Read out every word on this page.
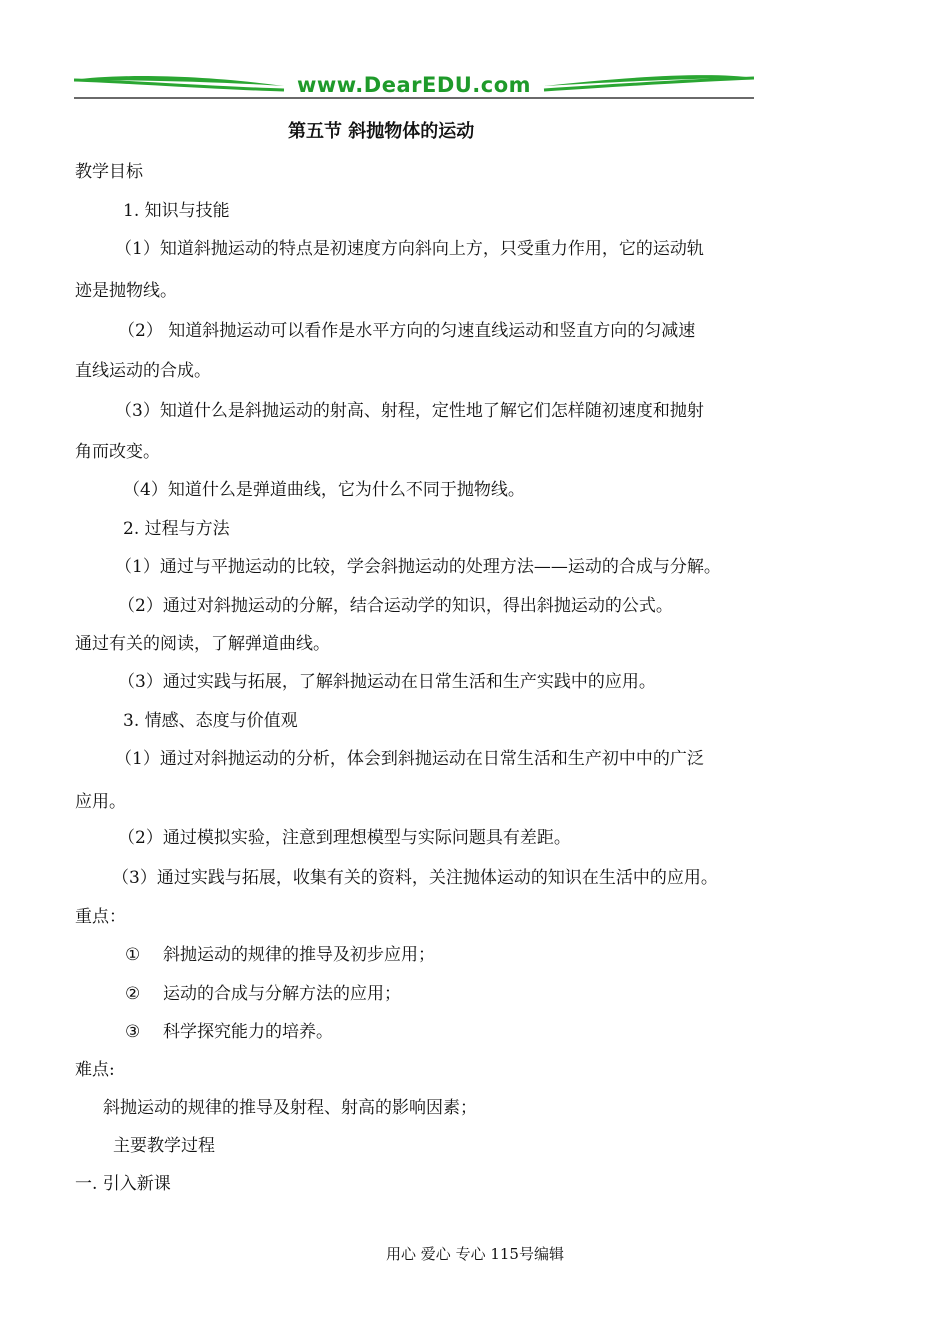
www.DearEDU.com
第五节 斜抛物体的运动
教学目标
1. 知识与技能
（1）知道斜抛运动的特点是初速度方向斜向上方，只受重力作用，它的运动轨
迹是抛物线。
（2） 知道斜抛运动可以看作是水平方向的匀速直线运动和竖直方向的匀减速
直线运动的合成。
（3）知道什么是斜抛运动的射高、射程，定性地了解它们怎样随初速度和抛射
角而改变。
（4）知道什么是弹道曲线，它为什么不同于抛物线。
2. 过程与方法
（1）通过与平抛运动的比较，学会斜抛运动的处理方法——运动的合成与分解。
（2）通过对斜抛运动的分解，结合运动学的知识，得出斜抛运动的公式。
通过有关的阅读，了解弹道曲线。
（3）通过实践与拓展，了解斜抛运动在日常生活和生产实践中的应用。
3. 情感、态度与价值观
（1）通过对斜抛运动的分析，体会到斜抛运动在日常生活和生产初中中的广泛
应用。
（2）通过模拟实验，注意到理想模型与实际问题具有差距。
（3）通过实践与拓展，收集有关的资料，关注抛体运动的知识在生活中的应用。
重点：
① 斜抛运动的规律的推导及初步应用；
② 运动的合成与分解方法的应用；
③ 科学探究能力的培养。
难点:
斜抛运动的规律的推导及射程、射高的影响因素；
主要教学过程
一. 引入新课
用心 爱心 专心 115号编辑
